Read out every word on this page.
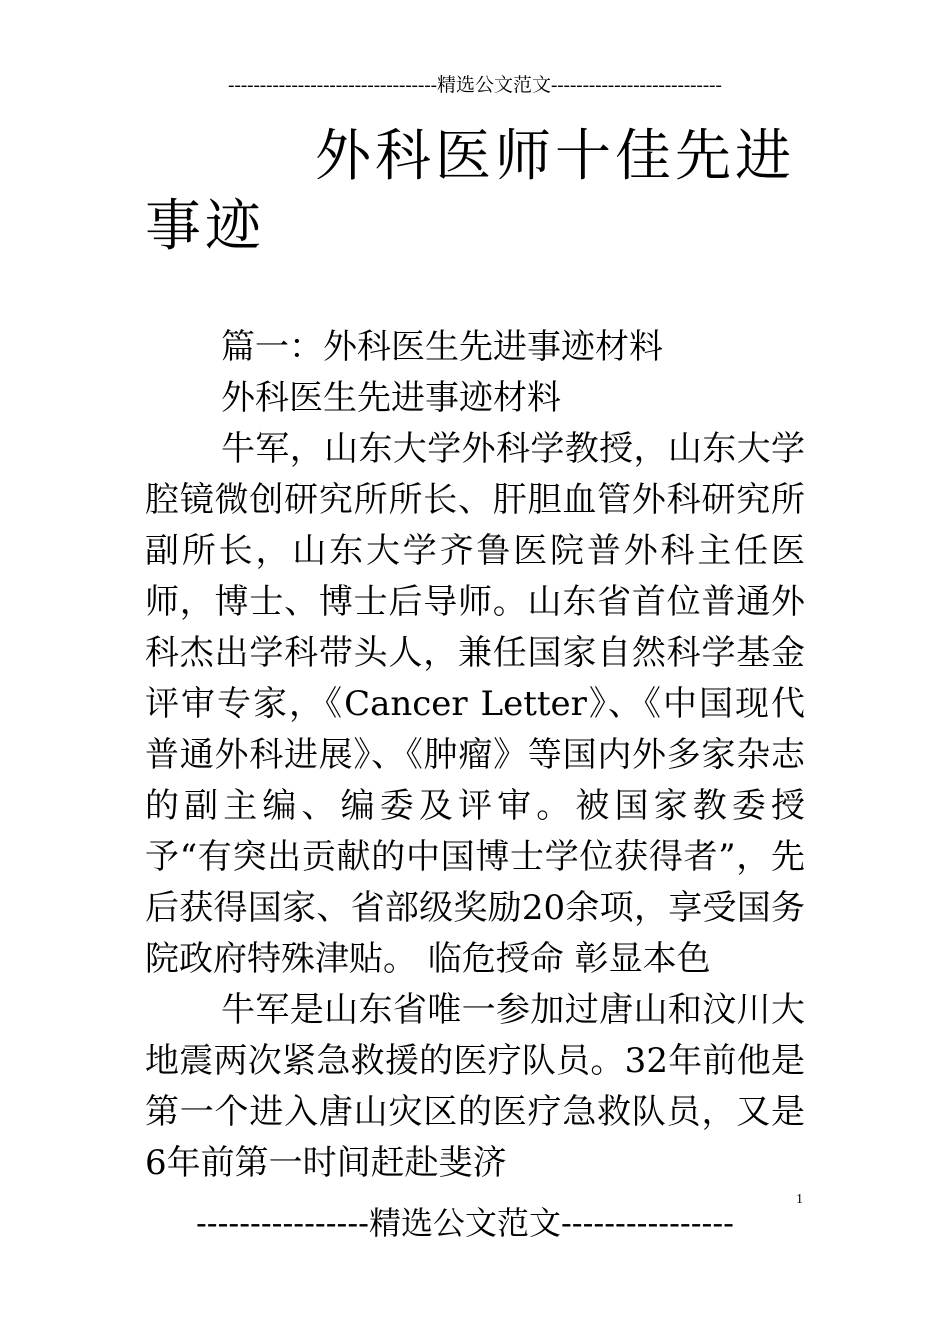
---------------------------------精选公文范文---------------------------
外科医师十佳先进事迹

篇一：外科医生先进事迹材料

外科医生先进事迹材料

牛军，山东大学外科学教授，山东大学腔镜微创研究所所长、肝胆血管外科研究所副所长，山东大学齐鲁医院普外科主任医师，博士、博士后导师。山东省首位普通外科杰出学科带头人，兼任国家自然科学基金评审专家，《Cancer Letter》、《中国现代普通外科进展》、《肿瘤》等国内外多家杂志的副主编、编委及评审。被国家教委授予“有突出贡献的中国博士学位获得者”，先后获得国家、省部级奖励20余项，享受国务院政府特殊津贴。 临危授命 彰显本色

牛军是山东省唯一参加过唐山和汶川大地震两次紧急救援的医疗队员。32年前他是第一个进入唐山灾区的医疗急救队员，又是6年前第一时间赶赴斐济

----------------精选公文范文----------------
1
